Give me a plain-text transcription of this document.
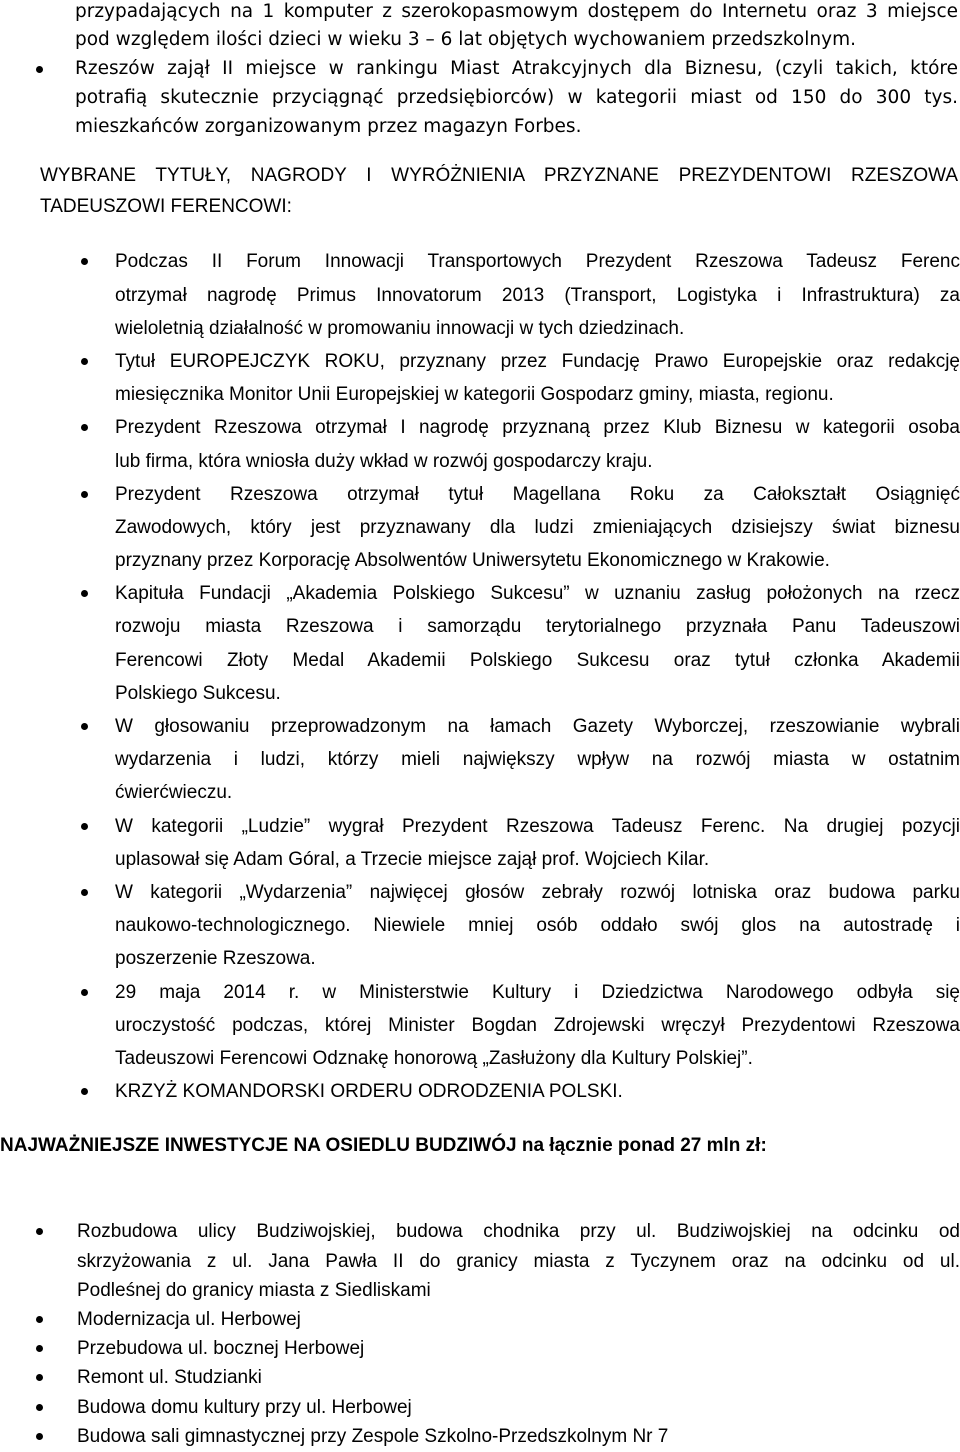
przypadających na 1 komputer z szerokopasmowym dostępem do Internetu oraz 3 miejsce
pod względem ilości dzieci w wieku 3 – 6 lat objętych wychowaniem przedszkolnym.
Rzeszów zajął II miejsce w rankingu Miast Atrakcyjnych dla Biznesu, (czyli takich, które
potrafią skutecznie przyciągnąć przedsiębiorców) w kategorii miast od 150 do 300 tys.
mieszkańców zorganizowanym przez magazyn Forbes.
WYBRANE TYTUŁY, NAGRODY I WYRÓŻNIENIA PRZYZNANE PREZYDENTOWI RZESZOWA
TADEUSZOWI FERENCOWI:
Podczas II Forum Innowacji Transportowych Prezydent Rzeszowa Tadeusz Ferenc
otrzymał nagrodę Primus Innovatorum 2013 (Transport, Logistyka i Infrastruktura) za
wieloletnią działalność w promowaniu innowacji w tych dziedzinach.
Tytuł EUROPEJCZYK ROKU, przyznany przez Fundację Prawo Europejskie oraz redakcję
miesięcznika Monitor Unii Europejskiej w kategorii Gospodarz gminy, miasta, regionu.
Prezydent Rzeszowa otrzymał I nagrodę przyznaną przez Klub Biznesu w kategorii osoba
lub firma, która wniosła duży wkład w rozwój gospodarczy kraju.
Prezydent Rzeszowa otrzymał tytuł Magellana Roku za Całokształt Osiągnięć
Zawodowych, który jest przyznawany dla ludzi zmieniających dzisiejszy świat biznesu
przyznany przez Korporację Absolwentów Uniwersytetu Ekonomicznego w Krakowie.
Kapituła Fundacji „Akademia Polskiego Sukcesu” w uznaniu zasług położonych na rzecz
rozwoju miasta Rzeszowa i samorządu terytorialnego przyznała Panu Tadeuszowi
Ferencowi Złoty Medal Akademii Polskiego Sukcesu oraz tytuł członka Akademii
Polskiego Sukcesu.
W głosowaniu przeprowadzonym na łamach Gazety Wyborczej, rzeszowianie wybrali
wydarzenia i ludzi, którzy mieli największy wpływ na rozwój miasta w ostatnim
ćwierćwieczu.
W kategorii „Ludzie” wygrał Prezydent Rzeszowa Tadeusz Ferenc. Na drugiej pozycji
uplasował się Adam Góral, a Trzecie miejsce zajął prof. Wojciech Kilar.
W kategorii „Wydarzenia” najwięcej głosów zebrały rozwój lotniska oraz budowa parku
naukowo-technologicznego. Niewiele mniej osób oddało swój glos na autostradę i
poszerzenie Rzeszowa.
29 maja 2014 r. w Ministerstwie Kultury i Dziedzictwa Narodowego odbyła się
uroczystość podczas, której Minister Bogdan Zdrojewski wręczył Prezydentowi Rzeszowa
Tadeuszowi Ferencowi Odznakę honorową „Zasłużony dla Kultury Polskiej”.
KRZYŻ KOMANDORSKI ORDERU ODRODZENIA POLSKI.
NAJWAŻNIEJSZE INWESTYCJE NA OSIEDLU BUDZIWÓJ na łącznie ponad 27 mln zł:
Rozbudowa ulicy Budziwojskiej, budowa chodnika przy ul. Budziwojskiej na odcinku od
skrzyżowania z ul. Jana Pawła II do granicy miasta z Tyczynem oraz na odcinku od ul.
Podleśnej do granicy miasta z Siedliskami
Modernizacja ul. Herbowej
Przebudowa ul. bocznej Herbowej
Remont ul. Studzianki
Budowa domu kultury przy ul. Herbowej
Budowa sali gimnastycznej przy Zespole Szkolno-Przedszkolnym Nr 7
